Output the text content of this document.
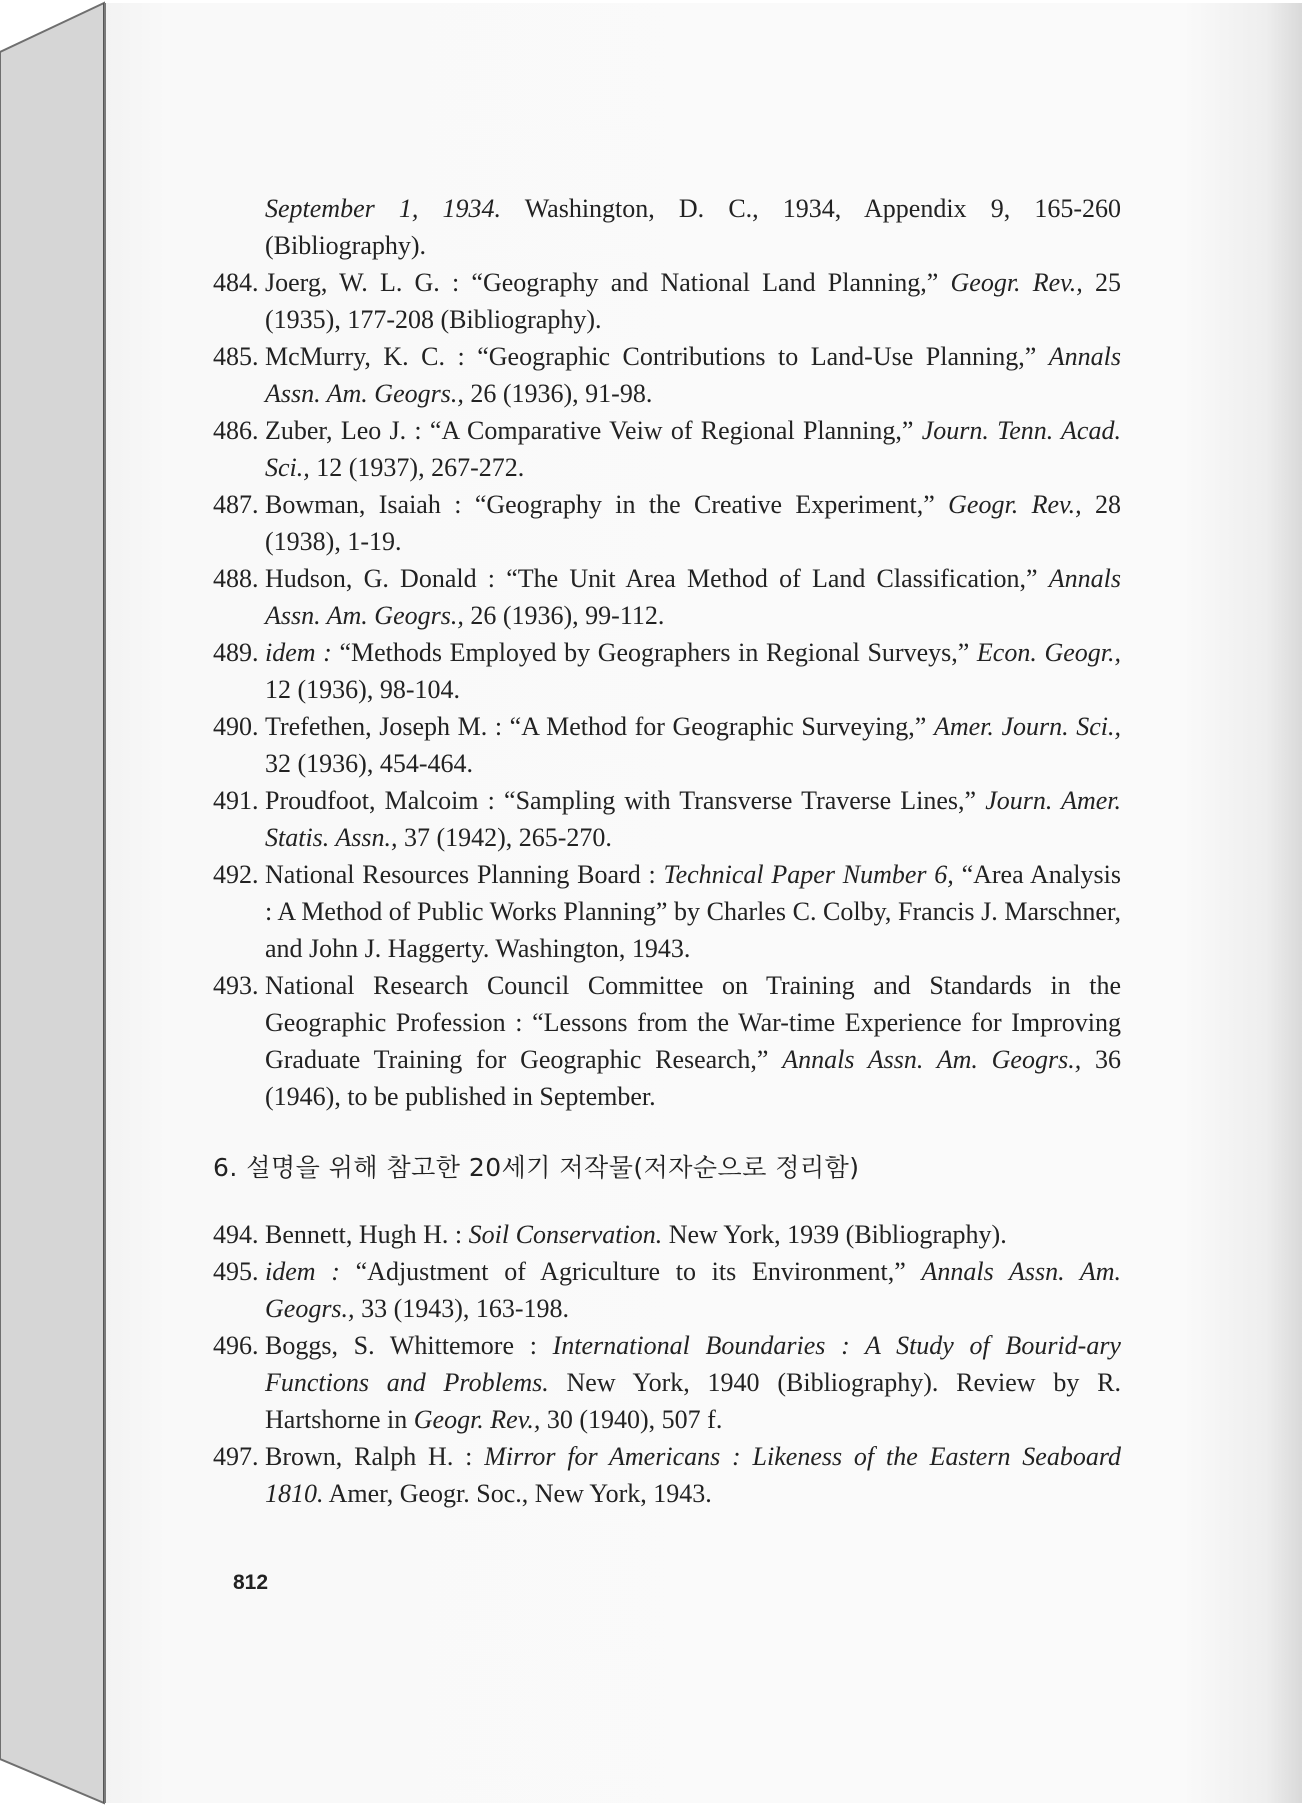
September 1, 1934. Washington, D. C., 1934, Appendix 9, 165-260 (Bibliography).
484. Joerg, W. L. G. : “Geography and National Land Planning,” Geogr. Rev., 25 (1935), 177-208 (Bibliography).
485. McMurry, K. C. : “Geographic Contributions to Land-Use Planning,” Annals Assn. Am. Geogrs., 26 (1936), 91-98.
486. Zuber, Leo J. : “A Comparative Veiw of Regional Planning,” Journ. Tenn. Acad. Sci., 12 (1937), 267-272.
487. Bowman, Isaiah : “Geography in the Creative Experiment,” Geogr. Rev., 28 (1938), 1-19.
488. Hudson, G. Donald : “The Unit Area Method of Land Classification,” Annals Assn. Am. Geogrs., 26 (1936), 99-112.
489. idem : “Methods Employed by Geographers in Regional Surveys,” Econ. Geogr., 12 (1936), 98-104.
490. Trefethen, Joseph M. : “A Method for Geographic Surveying,” Amer. Journ. Sci., 32 (1936), 454-464.
491. Proudfoot, Malcoim : “Sampling with Transverse Traverse Lines,” Journ. Amer. Statis. Assn., 37 (1942), 265-270.
492. National Resources Planning Board : Technical Paper Number 6, “Area Analysis : A Method of Public Works Planning” by Charles C. Colby, Francis J. Marschner, and John J. Haggerty. Washington, 1943.
493. National Research Council Committee on Training and Standards in the Geographic Profession : “Lessons from the War-time Experience for Improving Graduate Training for Geographic Research,” Annals Assn. Am. Geogrs., 36 (1946), to be published in September.
6. 설명을 위해 참고한 20세기 저작물(저자순으로 정리함)
494. Bennett, Hugh H. : Soil Conservation. New York, 1939 (Bibliography).
495. idem : “Adjustment of Agriculture to its Environment,” Annals Assn. Am. Geogrs., 33 (1943), 163-198.
496. Boggs, S. Whittemore : International Boundaries : A Study of Bourid-ary Functions and Problems. New York, 1940 (Bibliography). Review by R. Hartshorne in Geogr. Rev., 30 (1940), 507 f.
497. Brown, Ralph H. : Mirror for Americans : Likeness of the Eastern Seaboard 1810. Amer, Geogr. Soc., New York, 1943.
812
